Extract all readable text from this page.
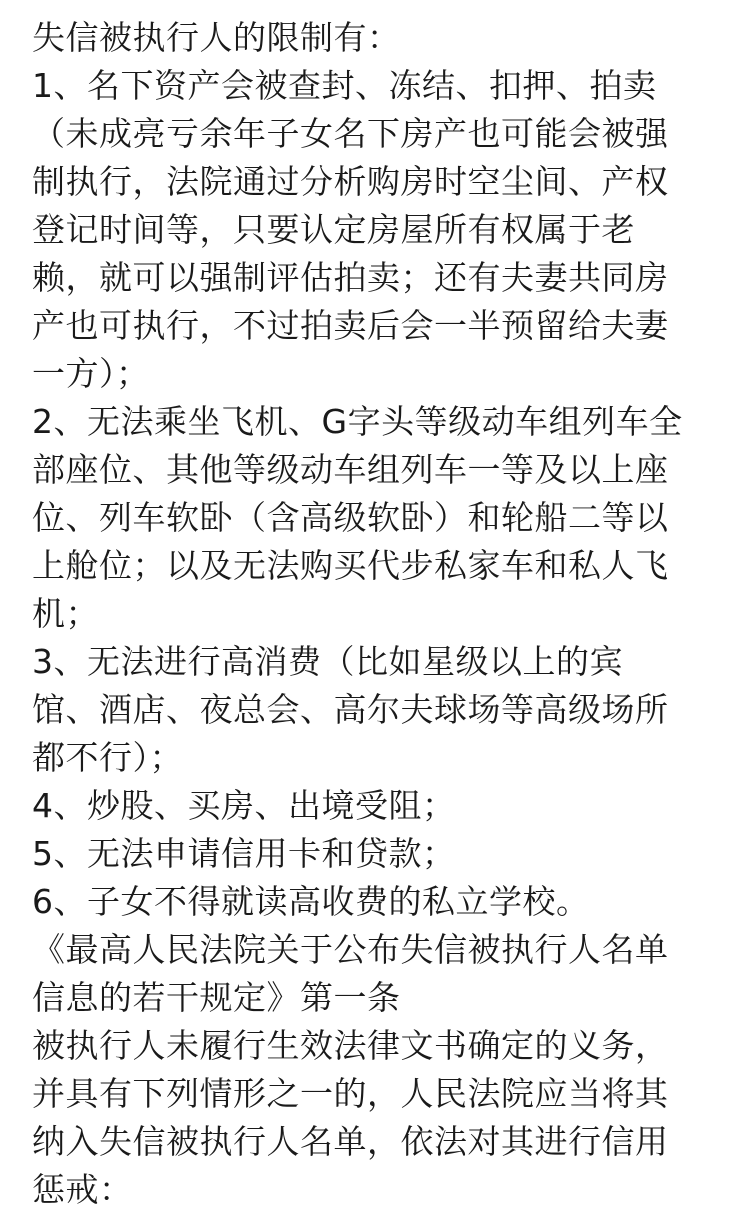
失信被执行人的限制有：
1、名下资产会被查封、冻结、扣押、拍卖
（未成亮亏余年子女名下房产也可能会被强
制执行，法院通过分析购房时空尘间、产权
登记时间等，只要认定房屋所有权属于老
赖，就可以强制评估拍卖；还有夫妻共同房
产也可执行，不过拍卖后会一半预留给夫妻
一方）；
2、无法乘坐飞机、G字头等级动车组列车全
部座位、其他等级动车组列车一等及以上座
位、列车软卧（含高级软卧）和轮船二等以
上舱位；以及无法购买代步私家车和私人飞
机；
3、无法进行高消费（比如星级以上的宾
馆、酒店、夜总会、高尔夫球场等高级场所
都不行）；
4、炒股、买房、出境受阻；
5、无法申请信用卡和贷款；
6、子女不得就读高收费的私立学校。
《最高人民法院关于公布失信被执行人名单
信息的若干规定》第一条
被执行人未履行生效法律文书确定的义务，
并具有下列情形之一的，人民法院应当将其
纳入失信被执行人名单，依法对其进行信用
惩戒：
